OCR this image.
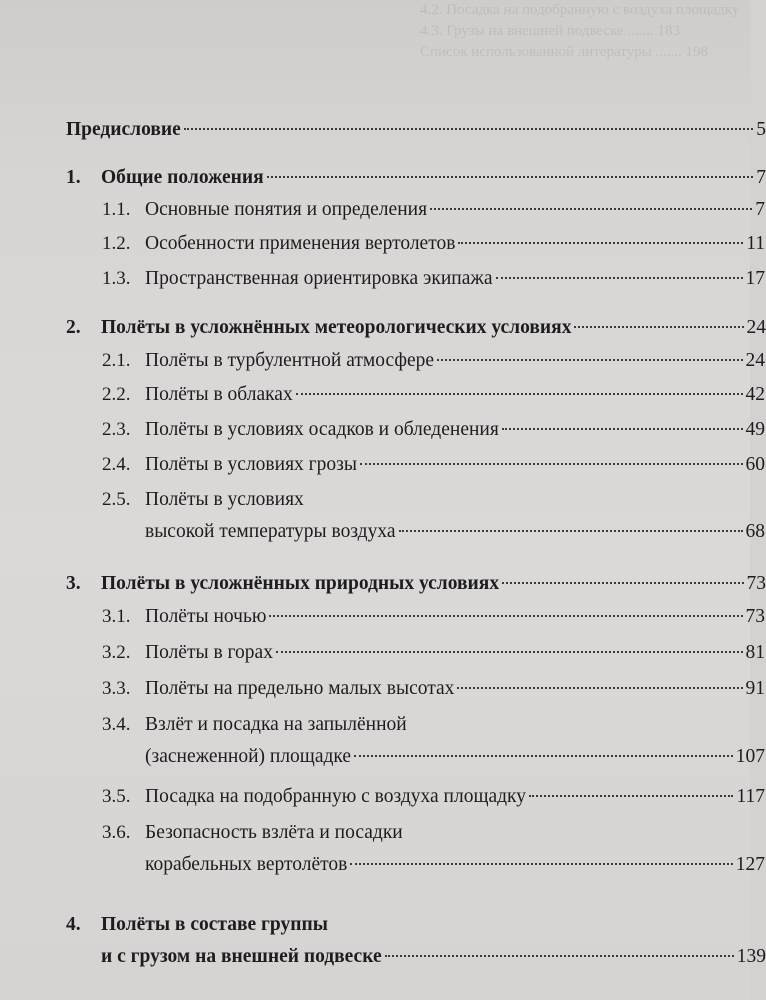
4.2. Посадка на подобранную с воздуха площадку
4.3. Грузы на внешней подвеске ....... 183
Список использованной литературы ....... 198
Предисловие	5
1. Общие положения	7
1.1. Основные понятия и определения	7
1.2. Особенности применения вертолетов	11
1.3. Пространственная ориентировка экипажа	17
2. Полёты в усложнённых метеорологических условиях	24
2.1. Полёты в турбулентной атмосфере	24
2.2. Полёты в облаках	42
2.3. Полёты в условиях осадков и обледенения	49
2.4. Полёты в условиях грозы	60
2.5. Полёты в условиях
высокой температуры воздуха	68
3. Полёты в усложнённых природных условиях	73
3.1. Полёты ночью	73
3.2. Полёты в горах	81
3.3. Полёты на предельно малых высотах	91
3.4. Взлёт и посадка на запылённой
(заснеженной) площадке	107
3.5. Посадка на подобранную с воздуха площадку	117
3.6. Безопасность взлёта и посадки
корабельных вертолётов	127
4. Полёты в составе группы
и с грузом на внешней подвеске	139
